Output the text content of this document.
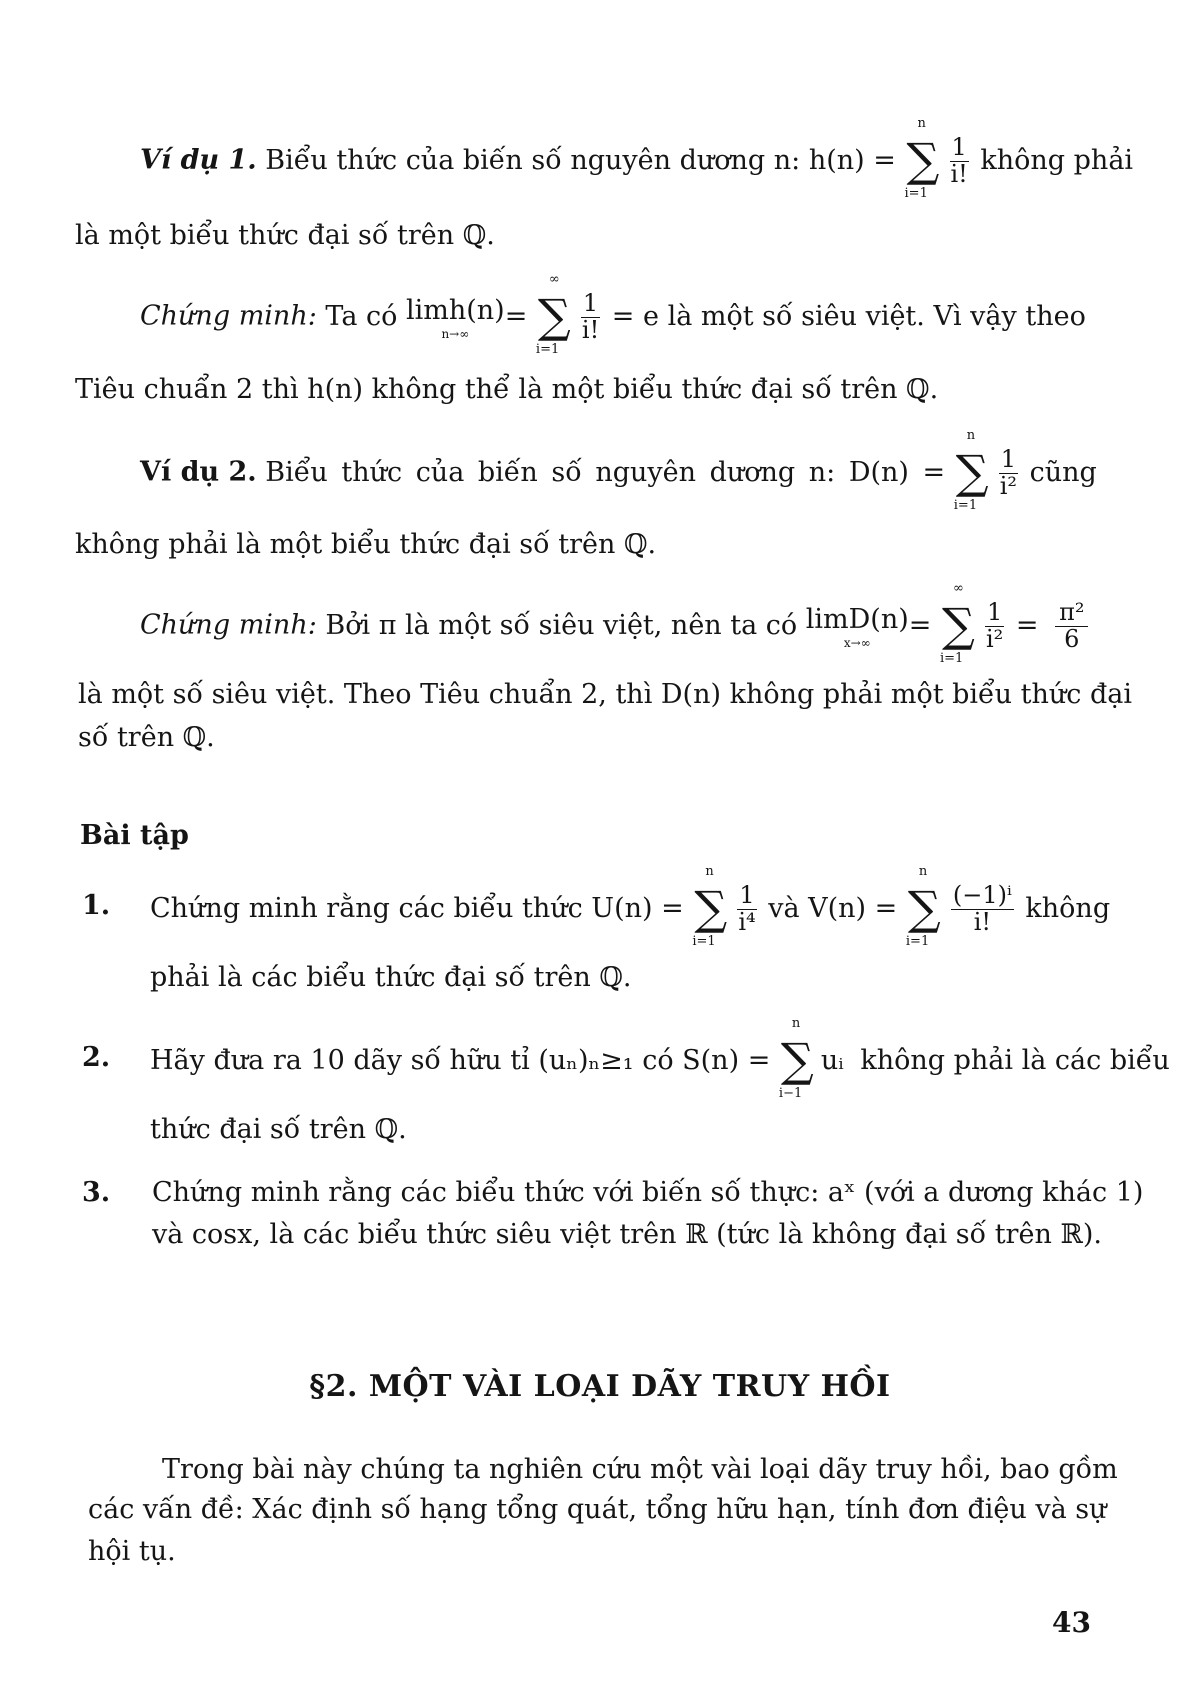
Ví dụ 1. Biểu thức của biến số nguyên dương n: h(n) =
n
∑
i=1
$\frac{1}{i!}$ không phải
là một biểu thức đại số trên ℚ.
Chứng minh: Ta có limh(n)
n→∞
=
∞
∑
i=1
$\frac{1}{i!} = e$ là một số siêu việt. Vì vậy theo
Tiêu chuẩn 2 thì h(n) không thể là một biểu thức đại số trên ℚ.
Ví dụ 2. Biểu thức của biến số nguyên dương n: D(n) =
n
∑
i=1
$\frac{1}{\text{i²}}$ cũng
không phải là một biểu thức đại số trên ℚ.
Chứng minh: Bởi π là một số siêu việt, nên ta có limD(n)
x→∞
=
∞
∑
i=1
$\frac{1}{\text{i²}} = \frac{\text{π²}}{6}$
là một số siêu việt. Theo Tiêu chuẩn 2, thì D(n) không phải một biểu thức đại
số trên ℚ.
Bài tập
1. Chứng minh rằng các biểu thức U(n) =
n
∑
i=1
$\frac{1}{\text{i⁴}}$ và V(n) =
n
∑
i=1
$\frac{\text{(−1)ⁱ}}{i!}$ không
phải là các biểu thức đại số trên ℚ.
2. Hãy đưa ra 10 dãy số hữu tỉ (uₙ)ₙ≥₁ có S(n) =
n
∑
i−1
uᵢ không phải là các biểu
thức đại số trên ℚ.
3. Chứng minh rằng các biểu thức với biến số thực: aˣ (với a dương khác 1)
và cosx, là các biểu thức siêu việt trên ℝ (tức là không đại số trên ℝ).
§2. MỘT VÀI LOẠI DÃY TRUY HỒI
Trong bài này chúng ta nghiên cứu một vài loại dãy truy hồi, bao gồm
các vấn đề: Xác định số hạng tổng quát, tổng hữu hạn, tính đơn điệu và sự
hội tụ.
43
